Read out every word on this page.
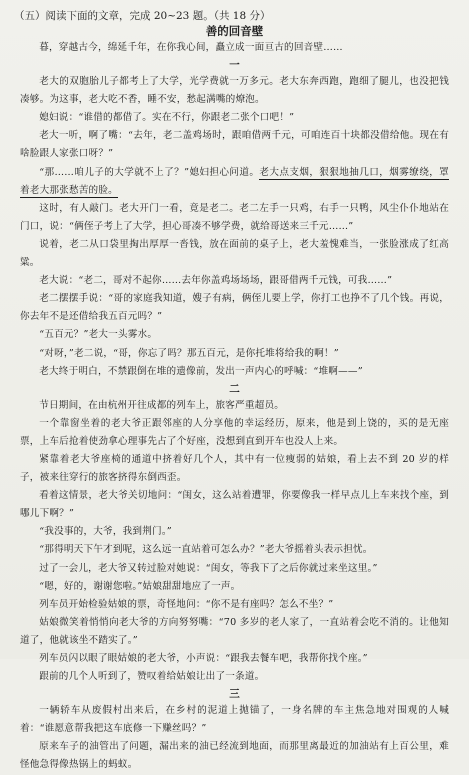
（五）阅读下面的文章，完成 20~23 题。（共 18 分）
善的回音壁

暮，穿越古今，绵延千年，在你我心间，矗立成一面亘古的回音壁……

一

老大的双胞胎儿子都考上了大学，光学费就一万多元。老大东奔西跑，跑细了腿儿，也没把钱凑够。为这事，老大吃不香，睡不安，愁起满嘴的燎泡。

媳妇说：“谁借的都借了。实在不行，你跟老二张个口吧！”

老大一听，啊了嘴：“去年，老二盖鸡场时，跟咱借两千元，可咱连百十块都没借给他。现在有啥脸跟人家张口呀？”

“那……咱儿子的大学就不上了？”媳妇担心问道。老大点支烟，狠狠地抽几口，烟雾缭绕，罩着老大那张愁苦的脸。

这时，有人敲门。老大开门一看，竟是老二。老二左手一只鸡，右手一只鸭，风尘仆仆地站在门口，说：“俩侄子考上了大学，担心哥凑不够学费，就给哥送来三千元……”

说着，老二从口袋里掏出厚厚一沓钱，放在面前的桌子上，老大羞愧难当，一张脸涨成了红高粱。

老大说：“老二，哥对不起你……去年你盖鸡场场场，跟哥借两千元钱，可我……”

老二摆摆手说：“哥的家庭我知道，嫂子有病，俩侄儿要上学，你打工也挣不了几个钱。再说，你去年不是还借给我五百元吗？”

“五百元？”老大一头雾水。

“对呀，”老二说，“哥，你忘了吗？那五百元，是你托堆将给我的啊！”

老大终于明白，不禁跟倒在堆的遗像前，发出一声内心的呼喊：“堆啊——”

二

节日期间，在由杭州开往成都的列车上，旅客严重超员。

一个靠窗坐着的老大爷正跟邻座的人分享他的幸运经历，原来，他是到上饶的，买的是无座票，上车后抢着使劲拿心理事先占了个好座，没想到直到开车也没人上来。

紧靠着老大爷座椅的通道中挤着好几个人，其中有一位瘦弱的姑娘，看上去不到 20 岁的样子，被来往穿行的旅客挤得东倒西歪。

看着这情景，老大爷关切地问：“闺女，这么站着遭罪，你要像我一样早点儿上车来找个座，到哪儿下啊？”

“我没事的，大爷，我到荆门。”

“那得明天下午才到呢，这么远一直站着可怎么办？”老大爷摇着头表示担忧。

过了一会儿，老大爷又转过脸对她说：“闺女，等我下了之后你就过来坐这里。”

“嗯，好的，谢谢您啦。”姑娘甜甜地应了一声。

列车员开始检验姑娘的票，奇怪地问：“你不是有座吗？怎么不坐？”

姑娘微笑着悄悄向老大爷的方向努努嘴：“70 多岁的老人家了，一直站着会吃不消的。让他知道了，他就该坐不踏实了。”

列车员闪以眼了眼姑娘的老大爷，小声说：“跟我去餐车吧，我帮你找个座。”

跟前的几个人听到了，赞叹着给姑娘让出了一条道。

三

一辆轿车从废假村出来后，在乡村的泥道上抛锚了，一身名牌的车主焦急地对围观的人喊着：“谁愿意帮我把这车底修一下赚丝吗？”

原来车子的油管出了问题，漏出来的油已经流到地面，而那里离最近的加油站有上百公里，难怪他急得像热锅上的蚂蚁。
